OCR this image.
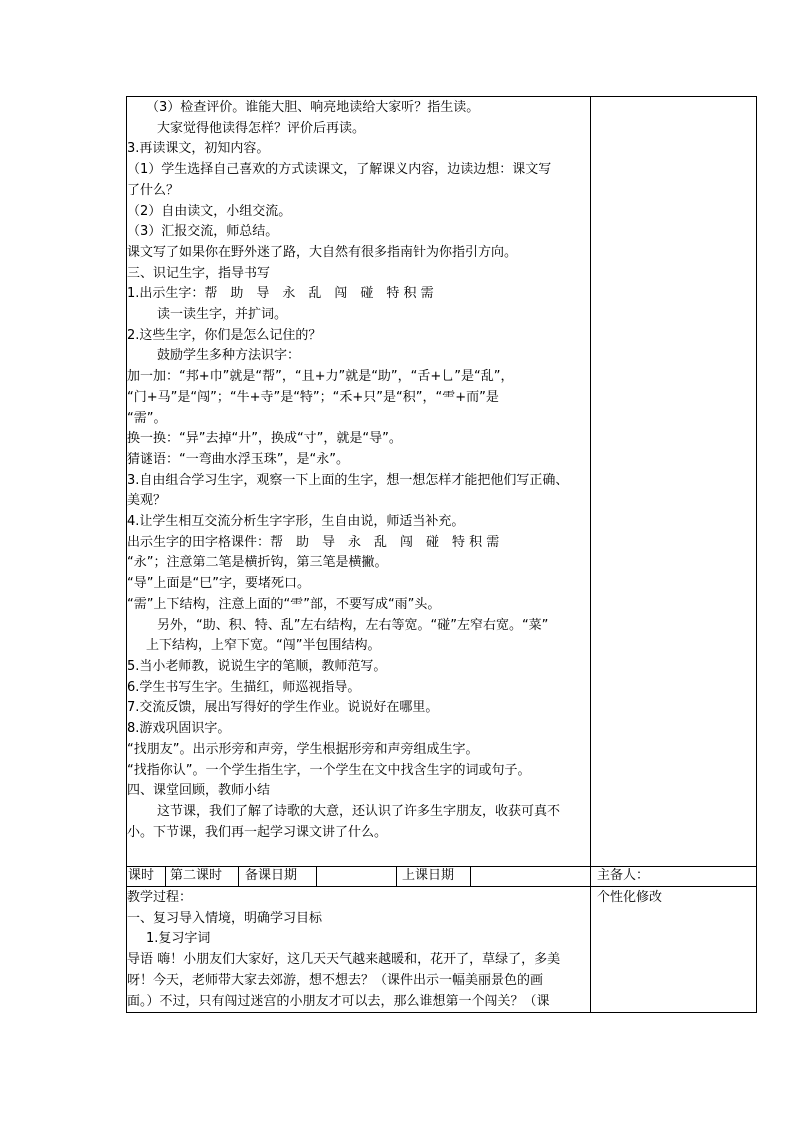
（3）检查评价。谁能大胆、响亮地读给大家听？指生读。

大家觉得他读得怎样？评价后再读。

3.再读课文，初知内容。

（1）学生选择自己喜欢的方式读课文，了解课义内容，边读边想：课文写

了什么？

（2）自由读文，小组交流。

（3）汇报交流，师总结。

课文写了如果你在野外迷了路，大自然有很多指南针为你指引方向。

三、识记生字，指导书写

1.出示生字：帮　助　导　永　乱　闯　碰　特 积 需

读一读生字，并扩词。

2.这些生字，你们是怎么记住的？

鼓励学生多种方法识字：

加一加：“邦+巾”就是“帮”，“且+力”就是“助”，“舌+乚”是“乱”，

“门+马”是“闯”；“牛+寺”是“特”；“禾+只”是“积”，“⻗+而”是

“需”。

换一换：“异”去掉“廾”，换成“寸”，就是“导”。

猜谜语：“一弯曲水浮玉珠”，是“永”。

3.自由组合学习生字，观察一下上面的生字，想一想怎样才能把他们写正确、

美观？

4.让学生相互交流分析生字字形，生自由说，师适当补充。

出示生字的田字格课件：帮　助　导　永　乱　闯　碰　特 积 需

“永”；注意第二笔是横折钩，第三笔是横撇。

“导”上面是“巳”字，要堵死口。

“需”上下结构，注意上面的“⻗”部，不要写成“雨”头。

另外，“助、积、特、乱”左右结构，左右等宽。“碰”左窄右宽。“菜”

上下结构，上窄下宽。“闯”半包围结构。

5.当小老师教，说说生字的笔顺，教师范写。

6.学生书写生字。生描红，师巡视指导。

7.交流反馈，展出写得好的学生作业。说说好在哪里。

8.游戏巩固识字。

“找朋友”。出示形旁和声旁，学生根据形旁和声旁组成生字。

“找指你认”。一个学生指生字，一个学生在文中找含生字的词或句子。

四、课堂回顾，教师小结

这节课，我们了解了诗歌的大意，还认识了许多生字朋友，收获可真不

小。下节课，我们再一起学习课文讲了什么。

课时 第二课时 备课日期	上课日期	主备人：
个性化修改

教学过程：

一、复习导入情境，明确学习目标

1.复习字词

导语 嗨！小朋友们大家好，这几天天气越来越暖和，花开了，草绿了，多美

呀！今天，老师带大家去郊游，想不想去？（课件出示一幅美丽景色的画

面。）不过，只有闯过迷宫的小朋友才可以去，那么谁想第一个闯关？（课
